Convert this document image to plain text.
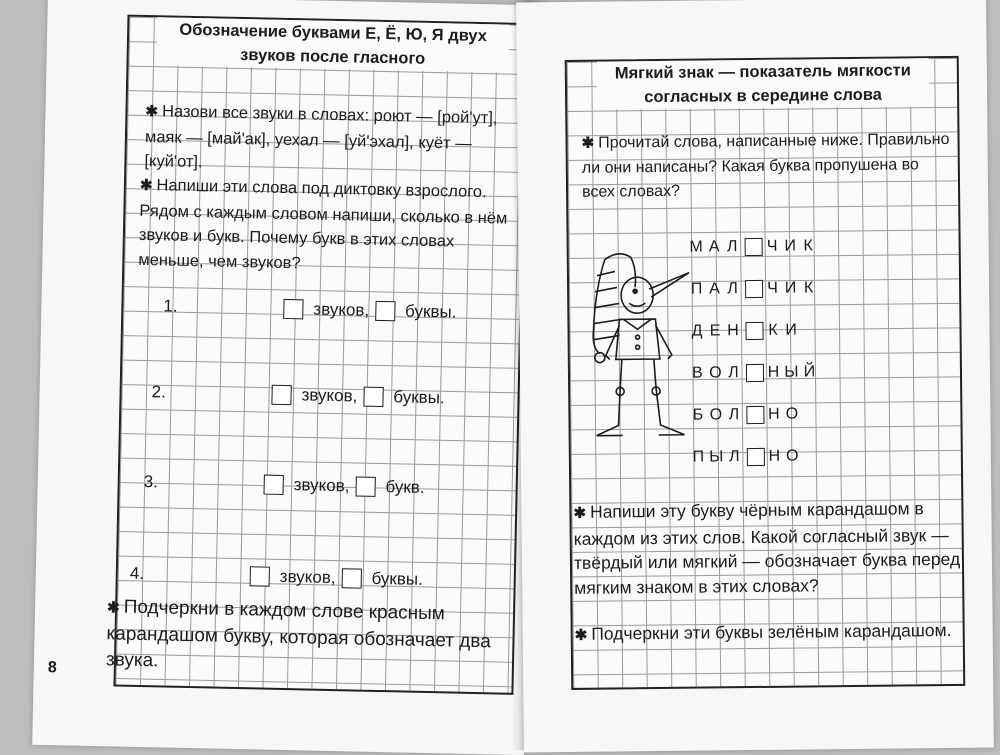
Обозначение буквами Е, Ё, Ю, Я двух звуков после гласного
✱ Назови все звуки в словах: роют — [рой'ут], маяк — [май'ак], уехал — [уй'эхал], куёт — [куй'от].
✱ Напиши эти слова под диктовку взрослого. Рядом с каждым словом напиши, сколько в нём звуков и букв. Почему букв в этих словах меньше, чем звуков?
1.	звуков, буквы.
2.	звуков, буквы.
3.	звуков, букв.
4.	звуков, буквы.
✱ Подчеркни в каждом слове красным карандашом букву, которая обозначает два звука.
8
Мягкий знак — показатель мягкости согласных в середине слова
✱ Прочитай слова, написанные ниже. Правильно ли они написаны? Какая буква пропушена во всех словах?
М А Л Ч И К
П А Л Ч И К
Д Е Н К И
В О Л Н Ы Й
Б О Л Н О
П Ы Л Н О
✱ Напиши эту букву чёрным карандашом в каждом из этих слов. Какой согласный звук — твёрдый или мягкий — обозначает буква перед мягким знаком в этих словах?
✱ Подчеркни эти буквы зелёным карандашом.
